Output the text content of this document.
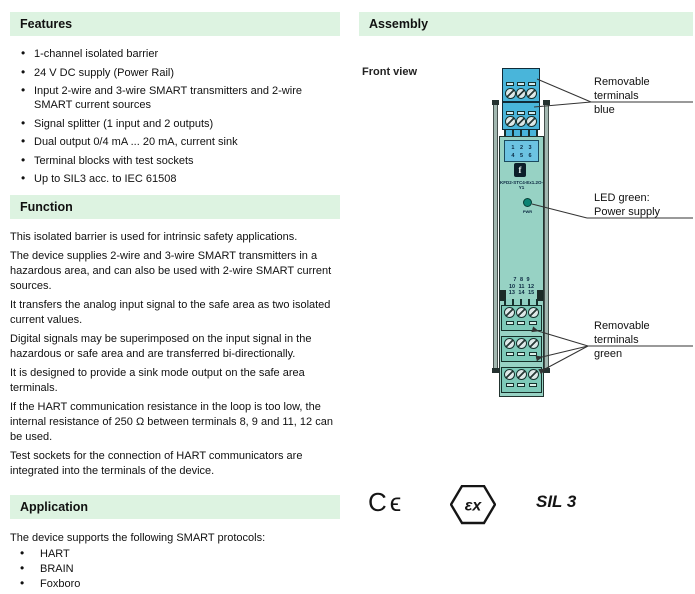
Features
• 1-channel isolated barrier
• 24 V DC supply (Power Rail)
• Input 2-wire and 3-wire SMART transmitters and 2-wire SMART current sources
• Signal splitter (1 input and 2 outputs)
• Dual output 0/4 mA ... 20 mA, current sink
• Terminal blocks with test sockets
• Up to SIL3 acc. to IEC 61508
Function

This isolated barrier is used for intrinsic safety applications.

The device supplies 2-wire and 3-wire SMART transmitters in a hazardous area, and can also be used with 2-wire SMART current sources.

It transfers the analog input signal to the safe area as two isolated current values.

Digital signals may be superimposed on the input signal in the hazardous or safe area and are transferred bi-directionally.

It is designed to provide a sink mode output on the safe area terminals.

If the HART communication resistance in the loop is too low, the internal resistance of 250 Ω between terminals 8, 9 and 11, 12 can be used.

Test sockets for the connection of HART communicators are integrated into the terminals of the device.

Application
The device supports the following SMART protocols:
• HART
• BRAIN
• Foxboro
Assembly
Front view
1 2 3
4 5 6
f
KFD2-STC4-Ex1.2O-
Y1
PWR
7 8 9
10 11 12
13 14 15
Removable terminals
blue
LED green:
Power supply
Removable terminals
green
Cϵ	εx	SIL 3
